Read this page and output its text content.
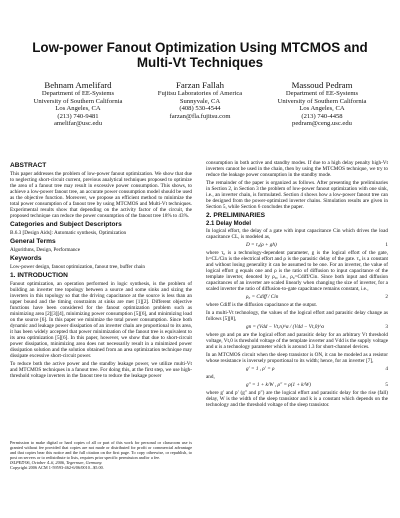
Low-power Fanout Optimization Using MTCMOS and Multi-Vt Techniques
Behnam Amelifard
Department of EE-Systems
University of Southern California
Los Angeles, CA
(213) 740-9481
amelifar@usc.edu
Farzan Fallah
Fujitsu Laboratories of America
Sunnyvale, CA
(408) 530-4544
farzan@fla.fujitsu.com
Massoud Pedram
Department of EE-Systems
University of Southern California
Los Angeles, CA
(213) 740-4458
pedram@ceng.usc.edu
ABSTRACT

This paper addresses the problem of low-power fanout optimization. We show that due to neglecting short-circuit current, previous analytical techniques proposed to optimize the area of a fanout tree may result in excessive power consumption. This shows, to achieve a low-power fanout tree, an accurate power consumption model should be used as the objective function. Moreover, we propose an efficient method to minimize the total power consumption of a fanout tree by using MTCMOS and Multi-Vt techniques. Experimental results show that depending on the activity factor of the circuit, the proposed technique can reduce the power consumption of the fanout tree 18% to 43%.

Categories and Subject Descriptors

B.6.3 [Design Aids]: Automatic synthesis, Optimization

General Terms

Algorithms, Design, Performance

Keywords

Low-power design, fanout optimization, fanout tree, buffer chain

1. INTRODUCTION

Fanout optimization, an operation performed in logic synthesis, is the problem of building an inverter tree topology between a source and some sinks and sizing the inverters in this topology so that the driving capacitance at the source is less than an upper bound and the timing constraints at sinks are met [1][2]. Different objective functions have been considered for the fanout optimization problem such as minimizing area [2][3][4], minimizing power consumption [5][6], and minimizing load on the source [6]. In this paper we minimize the total power consumption. Since both dynamic and leakage power dissipation of an inverter chain are proportional to its area, it has been widely accepted that power minimization of the fanout tree is equivalent to its area optimization [5][6]. In this paper, however, we show that due to short-circuit power dissipation, minimizing area does not necessarily result in a minimized power dissipation solution and the solution obtained from an area optimization technique may dissipate excessive short-circuit power.

To reduce both the active power and the standby leakage power, we utilize multi-Vt and MTCMOS techniques in a fanout tree. For doing this, at the first step, we use high-threshold voltage inverters in the fanout tree to reduce the leakage power

Permission to make digital or hard copies of all or part of this work for personal or classroom use is granted without fee provided that copies are not made or distributed for profit or commercial advantage and that copies bear this notice and the full citation on the first page. To copy otherwise, or republish, to post on servers or to redistribute to lists, requires prior specific permission and/or a fee.
ISLPED'06, October 4–6, 2006, Tegernsee, Germany.
Copyright 2006 ACM 1-59593-462-6/06/0010...$5.00.

consumption in both active and standby modes. If due to a high delay penalty high-Vt inverters cannot be used in the chain, then by using the MTCMOS technique, we try to reduce the leakage power consumption in the standby mode.

The remainder of the paper is organized as follows. After presenting the preliminaries in Section 2, in Section 3 the problem of low-power fanout optimization with one sink, i.e., an inverter chain, is formulated. Section 4 shows how a low-power fanout tree can be designed from the power-optimized inverter chains. Simulation results are given in Section 5, while Section 6 concludes the paper.

2. PRELIMINARIES
2.1 Delay Model

In logical effort, the delay of a gate with input capacitance Cin which drives the load capacitance CL, is modeled as,

D = τ₀(ρ + gh)	1

where τ₀ is a technology-dependent parameter, g is the logical effort of the gate, h=CL/Cin is the electrical effort and ρ is the parasitic delay of the gate. τ₀ is a constant and without losing generality it can be assumed to be one. For an inverter, the value of logical effort g equals one and ρ is the ratio of diffusion to input capacitance of the template inverter, denoted by ρ₀, i.e., ρ₀=Cdiff/Cin. Since both input and diffusion capacitances of an inverter are scaled linearly when changing the size of inverter, for a scaled inverter the ratio of diffusion-to-gate capacitance remains constant, i.e.,

ρ₀ = Cdiff / Cin	2

where Cdiff is the diffusion capacitance at the output.

In a multi-Vt technology, the values of the logical effort and parasitic delay change as follows [5][8],

gn = (Vdd − Vt,n)^α / (Vdd − Vt,0)^α	3

where gn and pn are the logical effort and parasitic delay for an arbitrary Vt threshold voltage, Vt,0 is threshold voltage of the template inverter and Vdd is the supply voltage and α is a technology parameter which is around 1.3 for short-channel devices.

In an MTCMOS circuit when the sleep transistor is ON, it can be modeled as a resistor whose resistance is inversely proportional to its width; hence, for an inverter [7],

g′ = 1 , ρ′ = ρ	4

and,

g″ = 1 + k/W , ρ″ = ρ(1 + k/W)	5

where g′ and p′ (g″ and p″) are the logical effort and parasitic delay for the rise (fall) delay, W is the width of the sleep transistor and k is a constant which depends on the technology and the threshold voltage of the sleep transistor.
